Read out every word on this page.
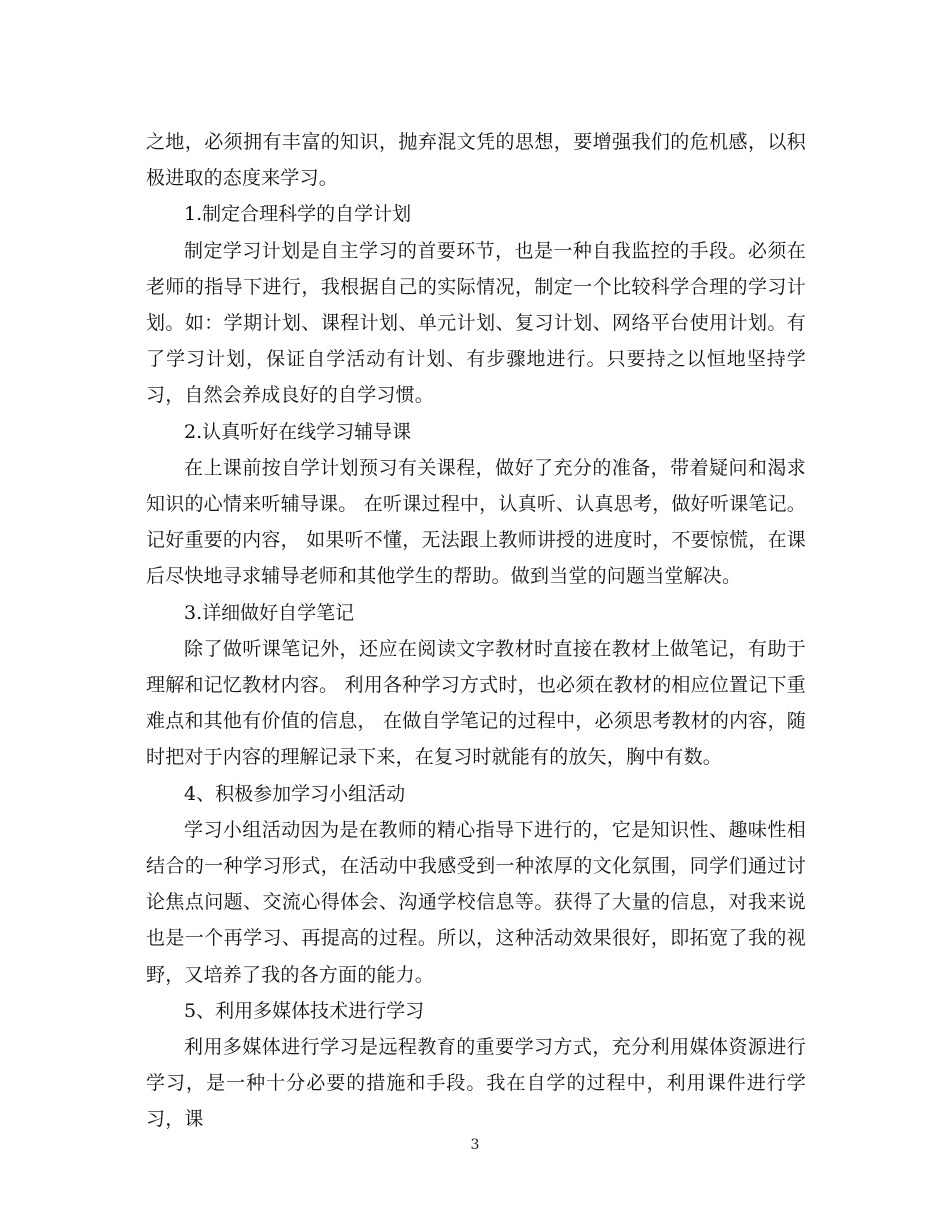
之地，必须拥有丰富的知识，抛弃混文凭的思想，要增强我们的危机感，以积极进取的态度来学习。

1.制定合理科学的自学计划

制定学习计划是自主学习的首要环节，也是一种自我监控的手段。必须在老师的指导下进行，我根据自己的实际情况，制定一个比较科学合理的学习计划。如：学期计划、课程计划、单元计划、复习计划、网络平台使用计划。有了学习计划，保证自学活动有计划、有步骤地进行。只要持之以恒地坚持学习，自然会养成良好的自学习惯。

2.认真听好在线学习辅导课

在上课前按自学计划预习有关课程，做好了充分的准备，带着疑问和渴求知识的心情来听辅导课。 在听课过程中，认真听、认真思考，做好听课笔记。 记好重要的内容， 如果听不懂，无法跟上教师讲授的进度时，不要惊慌，在课后尽快地寻求辅导老师和其他学生的帮助。做到当堂的问题当堂解决。

3.详细做好自学笔记

除了做听课笔记外，还应在阅读文字教材时直接在教材上做笔记，有助于理解和记忆教材内容。 利用各种学习方式时，也必须在教材的相应位置记下重难点和其他有价值的信息， 在做自学笔记的过程中，必须思考教材的内容，随时把对于内容的理解记录下来，在复习时就能有的放矢，胸中有数。

4、积极参加学习小组活动

学习小组活动因为是在教师的精心指导下进行的，它是知识性、趣味性相结合的一种学习形式，在活动中我感受到一种浓厚的文化氛围，同学们通过讨论焦点问题、交流心得体会、沟通学校信息等。获得了大量的信息，对我来说也是一个再学习、再提高的过程。所以，这种活动效果很好，即拓宽了我的视野，又培养了我的各方面的能力。

5、利用多媒体技术进行学习

利用多媒体进行学习是远程教育的重要学习方式，充分利用媒体资源进行学习，是一种十分必要的措施和手段。我在自学的过程中，利用课件进行学习，课

3
